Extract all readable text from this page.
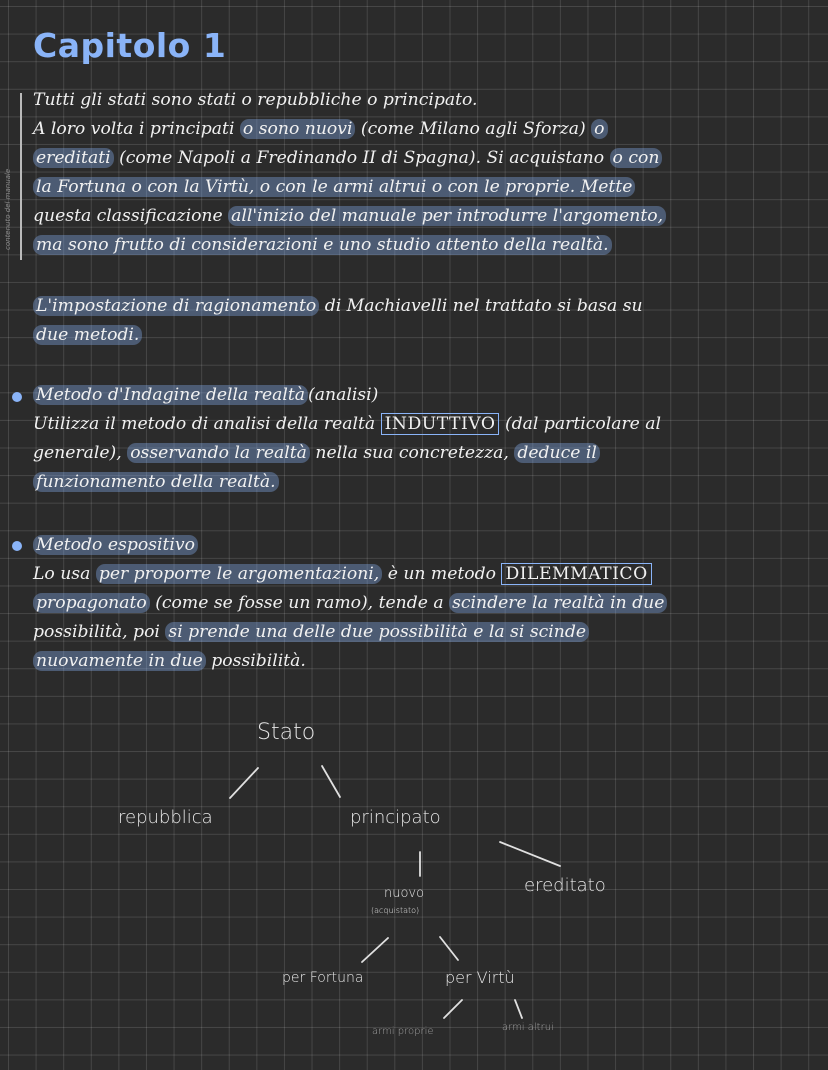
Capitolo 1
contenuto del manuale
Tutti gli stati sono stati o repubbliche o principato.
A loro volta i principati o sono nuovi (come Milano agli Sforza) o
ereditati (come Napoli a Fredinando II di Spagna). Si acquistano o con
la Fortuna o con la Virtù, o con le armi altrui o con le proprie. Mette
questa classificazione all'inizio del manuale per introdurre l'argomento,
ma sono frutto di considerazioni e uno studio attento della realtà.
L'impostazione di ragionamento di Machiavelli nel trattato si basa su
due metodi.
Metodo d'Indagine della realtà (analisi)
Utilizza il metodo di analisi della realtà INDUTTIVO (dal particolare al
generale), osservando la realtà nella sua concretezza, deduce il
funzionamento della realtà.
Metodo espositivo
Lo usa per proporre le argomentazioni, è un metodo DILEMMATICO
propagonato (come se fosse un ramo), tende a scindere la realtà in due
possibilità, poi si prende una delle due possibilità e la si scinde
nuovamente in due possibilità.
Stato
repubblica	principato
nuovo
(acquistato)
ereditato
per Fortuna	per Virtù
armi proprie	armi altrui
